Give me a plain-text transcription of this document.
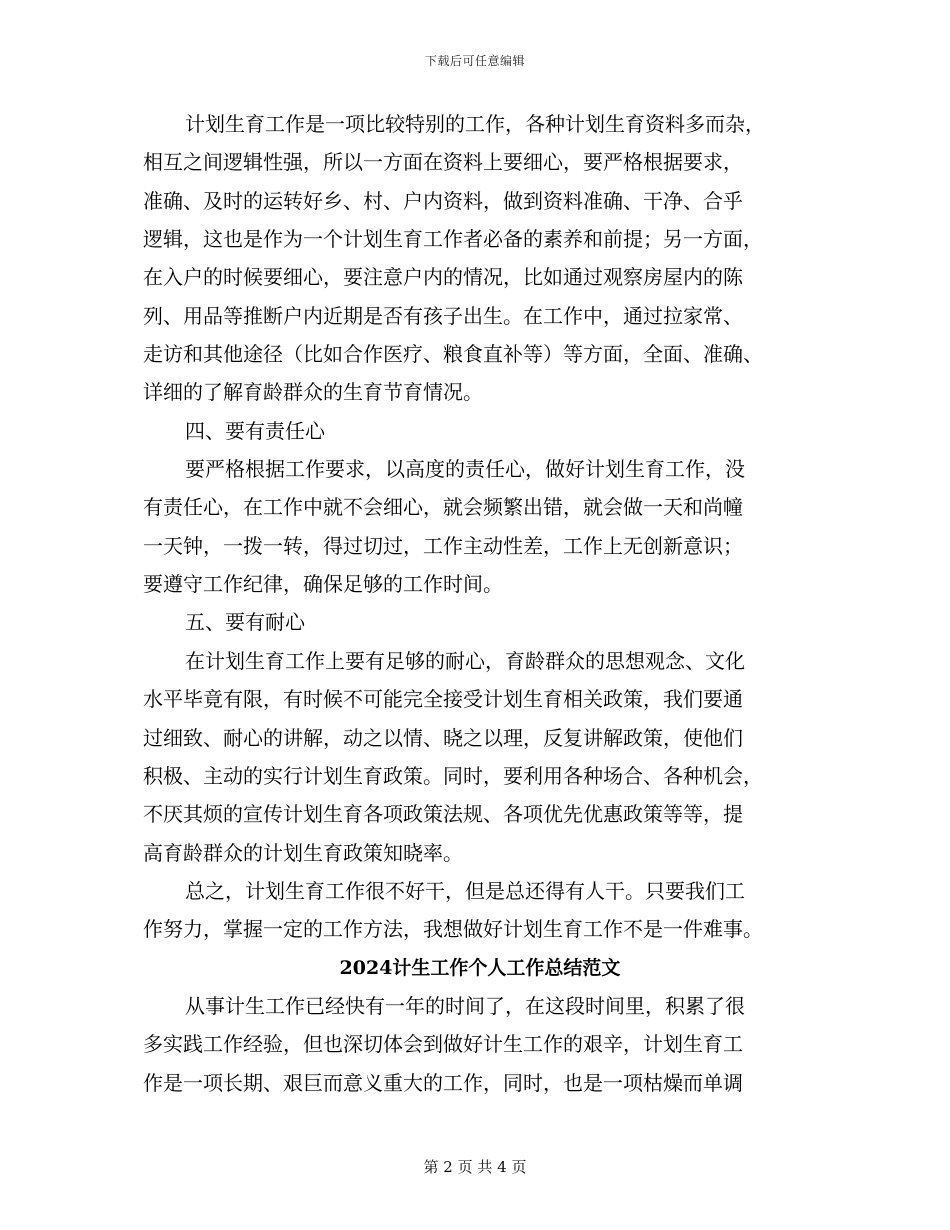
下载后可任意编辑
计划生育工作是一项比较特别的工作，各种计划生育资料多而杂，
相互之间逻辑性强，所以一方面在资料上要细心，要严格根据要求，
准确、及时的运转好乡、村、户内资料，做到资料准确、干净、合乎
逻辑，这也是作为一个计划生育工作者必备的素养和前提；另一方面，
在入户的时候要细心，要注意户内的情况，比如通过观察房屋内的陈
列、用品等推断户内近期是否有孩子出生。在工作中，通过拉家常、
走访和其他途径（比如合作医疗、粮食直补等）等方面，全面、准确、
详细的了解育龄群众的生育节育情况。
四、要有责任心
要严格根据工作要求，以高度的责任心，做好计划生育工作，没
有责任心，在工作中就不会细心，就会频繁出错，就会做一天和尚幢
一天钟，一拨一转，得过切过，工作主动性差，工作上无创新意识；
要遵守工作纪律，确保足够的工作时间。
五、要有耐心
在计划生育工作上要有足够的耐心，育龄群众的思想观念、文化
水平毕竟有限，有时候不可能完全接受计划生育相关政策，我们要通
过细致、耐心的讲解，动之以情、晓之以理，反复讲解政策，使他们
积极、主动的实行计划生育政策。同时，要利用各种场合、各种机会，
不厌其烦的宣传计划生育各项政策法规、各项优先优惠政策等等，提
高育龄群众的计划生育政策知晓率。
总之，计划生育工作很不好干，但是总还得有人干。只要我们工
作努力，掌握一定的工作方法，我想做好计划生育工作不是一件难事。
2024计生工作个人工作总结范文
从事计生工作已经快有一年的时间了，在这段时间里，积累了很
多实践工作经验，但也深切体会到做好计生工作的艰辛，计划生育工
作是一项长期、艰巨而意义重大的工作，同时，也是一项枯燥而单调
第 2 页 共 4 页
